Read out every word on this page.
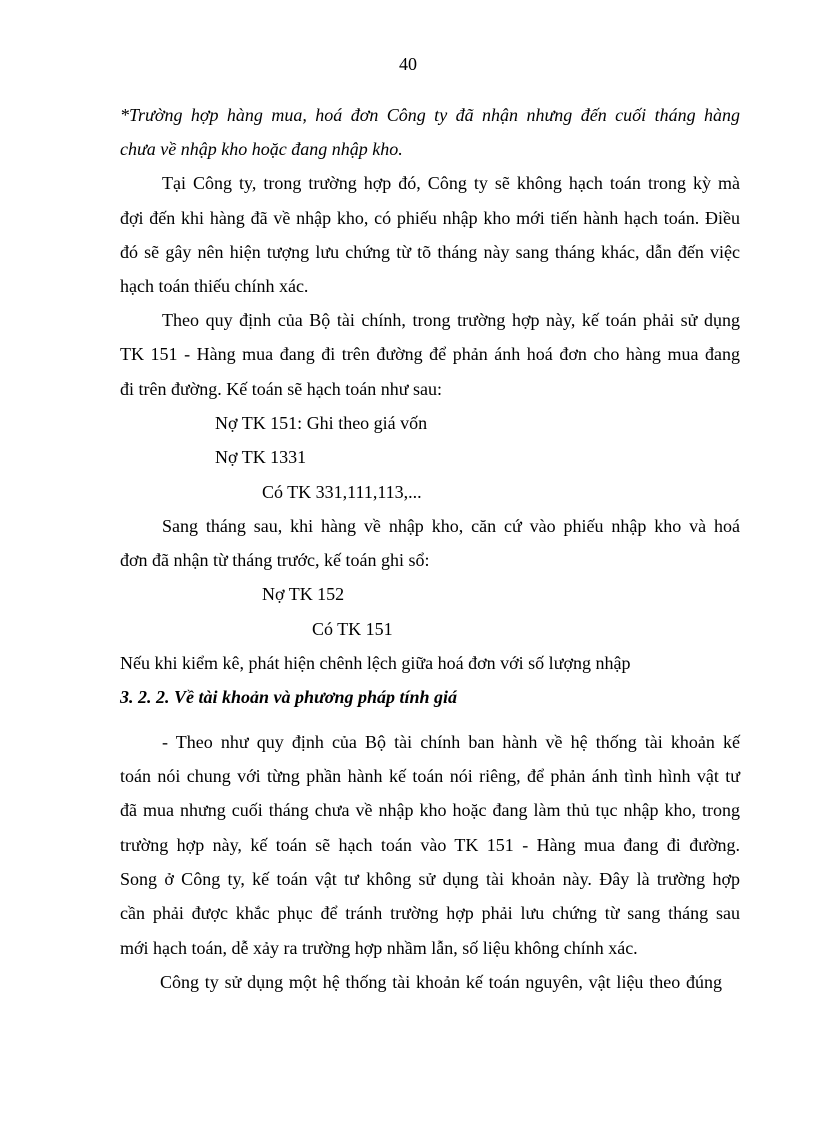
40
*Trường hợp hàng mua, hoá đơn Công ty đã nhận nhưng đến cuối tháng hàng
chưa về nhập kho hoặc đang nhập kho.
Tại Công ty, trong trường hợp đó, Công ty sẽ không hạch toán trong kỳ mà
đợi đến khi hàng đã về nhập kho, có phiếu nhập kho mới tiến hành hạch toán. Điều
đó sẽ gây nên hiện tượng lưu chứng từ tõ tháng này sang tháng khác, dẫn đến việc
hạch toán thiếu chính xác.
Theo quy định của Bộ tài chính, trong trường hợp này, kế toán phải sử dụng
TK 151 - Hàng mua đang đi trên đường để phản ánh hoá đơn cho hàng mua đang
đi trên đường. Kế toán sẽ hạch toán như sau:
Nợ TK 151: Ghi theo giá vốn
Nợ TK 1331
Có TK 331,111,113,...
Sang tháng sau, khi hàng về nhập kho, căn cứ vào phiếu nhập kho và hoá
đơn đã nhận từ tháng trước, kế toán ghi sổ:
Nợ TK 152
Có TK 151
Nếu khi kiểm kê, phát hiện chênh lệch giữa hoá đơn với số lượng nhập
3. 2. 2. Về tài khoản và phương pháp tính giá
- Theo như quy định của Bộ tài chính ban hành về hệ thống tài khoản kế
toán nói chung với từng phần hành kế toán nói riêng, để phản ánh tình hình vật tư
đã mua nhưng cuối tháng chưa về nhập kho hoặc đang làm thủ tục nhập kho, trong
trường hợp này, kế toán sẽ hạch toán vào TK 151 - Hàng mua đang đi đường.
Song ở Công ty, kế toán vật tư không sử dụng tài khoản này. Đây là trường hợp
cần phải được khắc phục để tránh trường hợp phải lưu chứng từ sang tháng sau
mới hạch toán, dễ xảy ra trường hợp nhầm lẫn, số liệu không chính xác.
Công ty sử dụng một hệ thống tài khoản kế toán nguyên, vật liệu theo đúng
